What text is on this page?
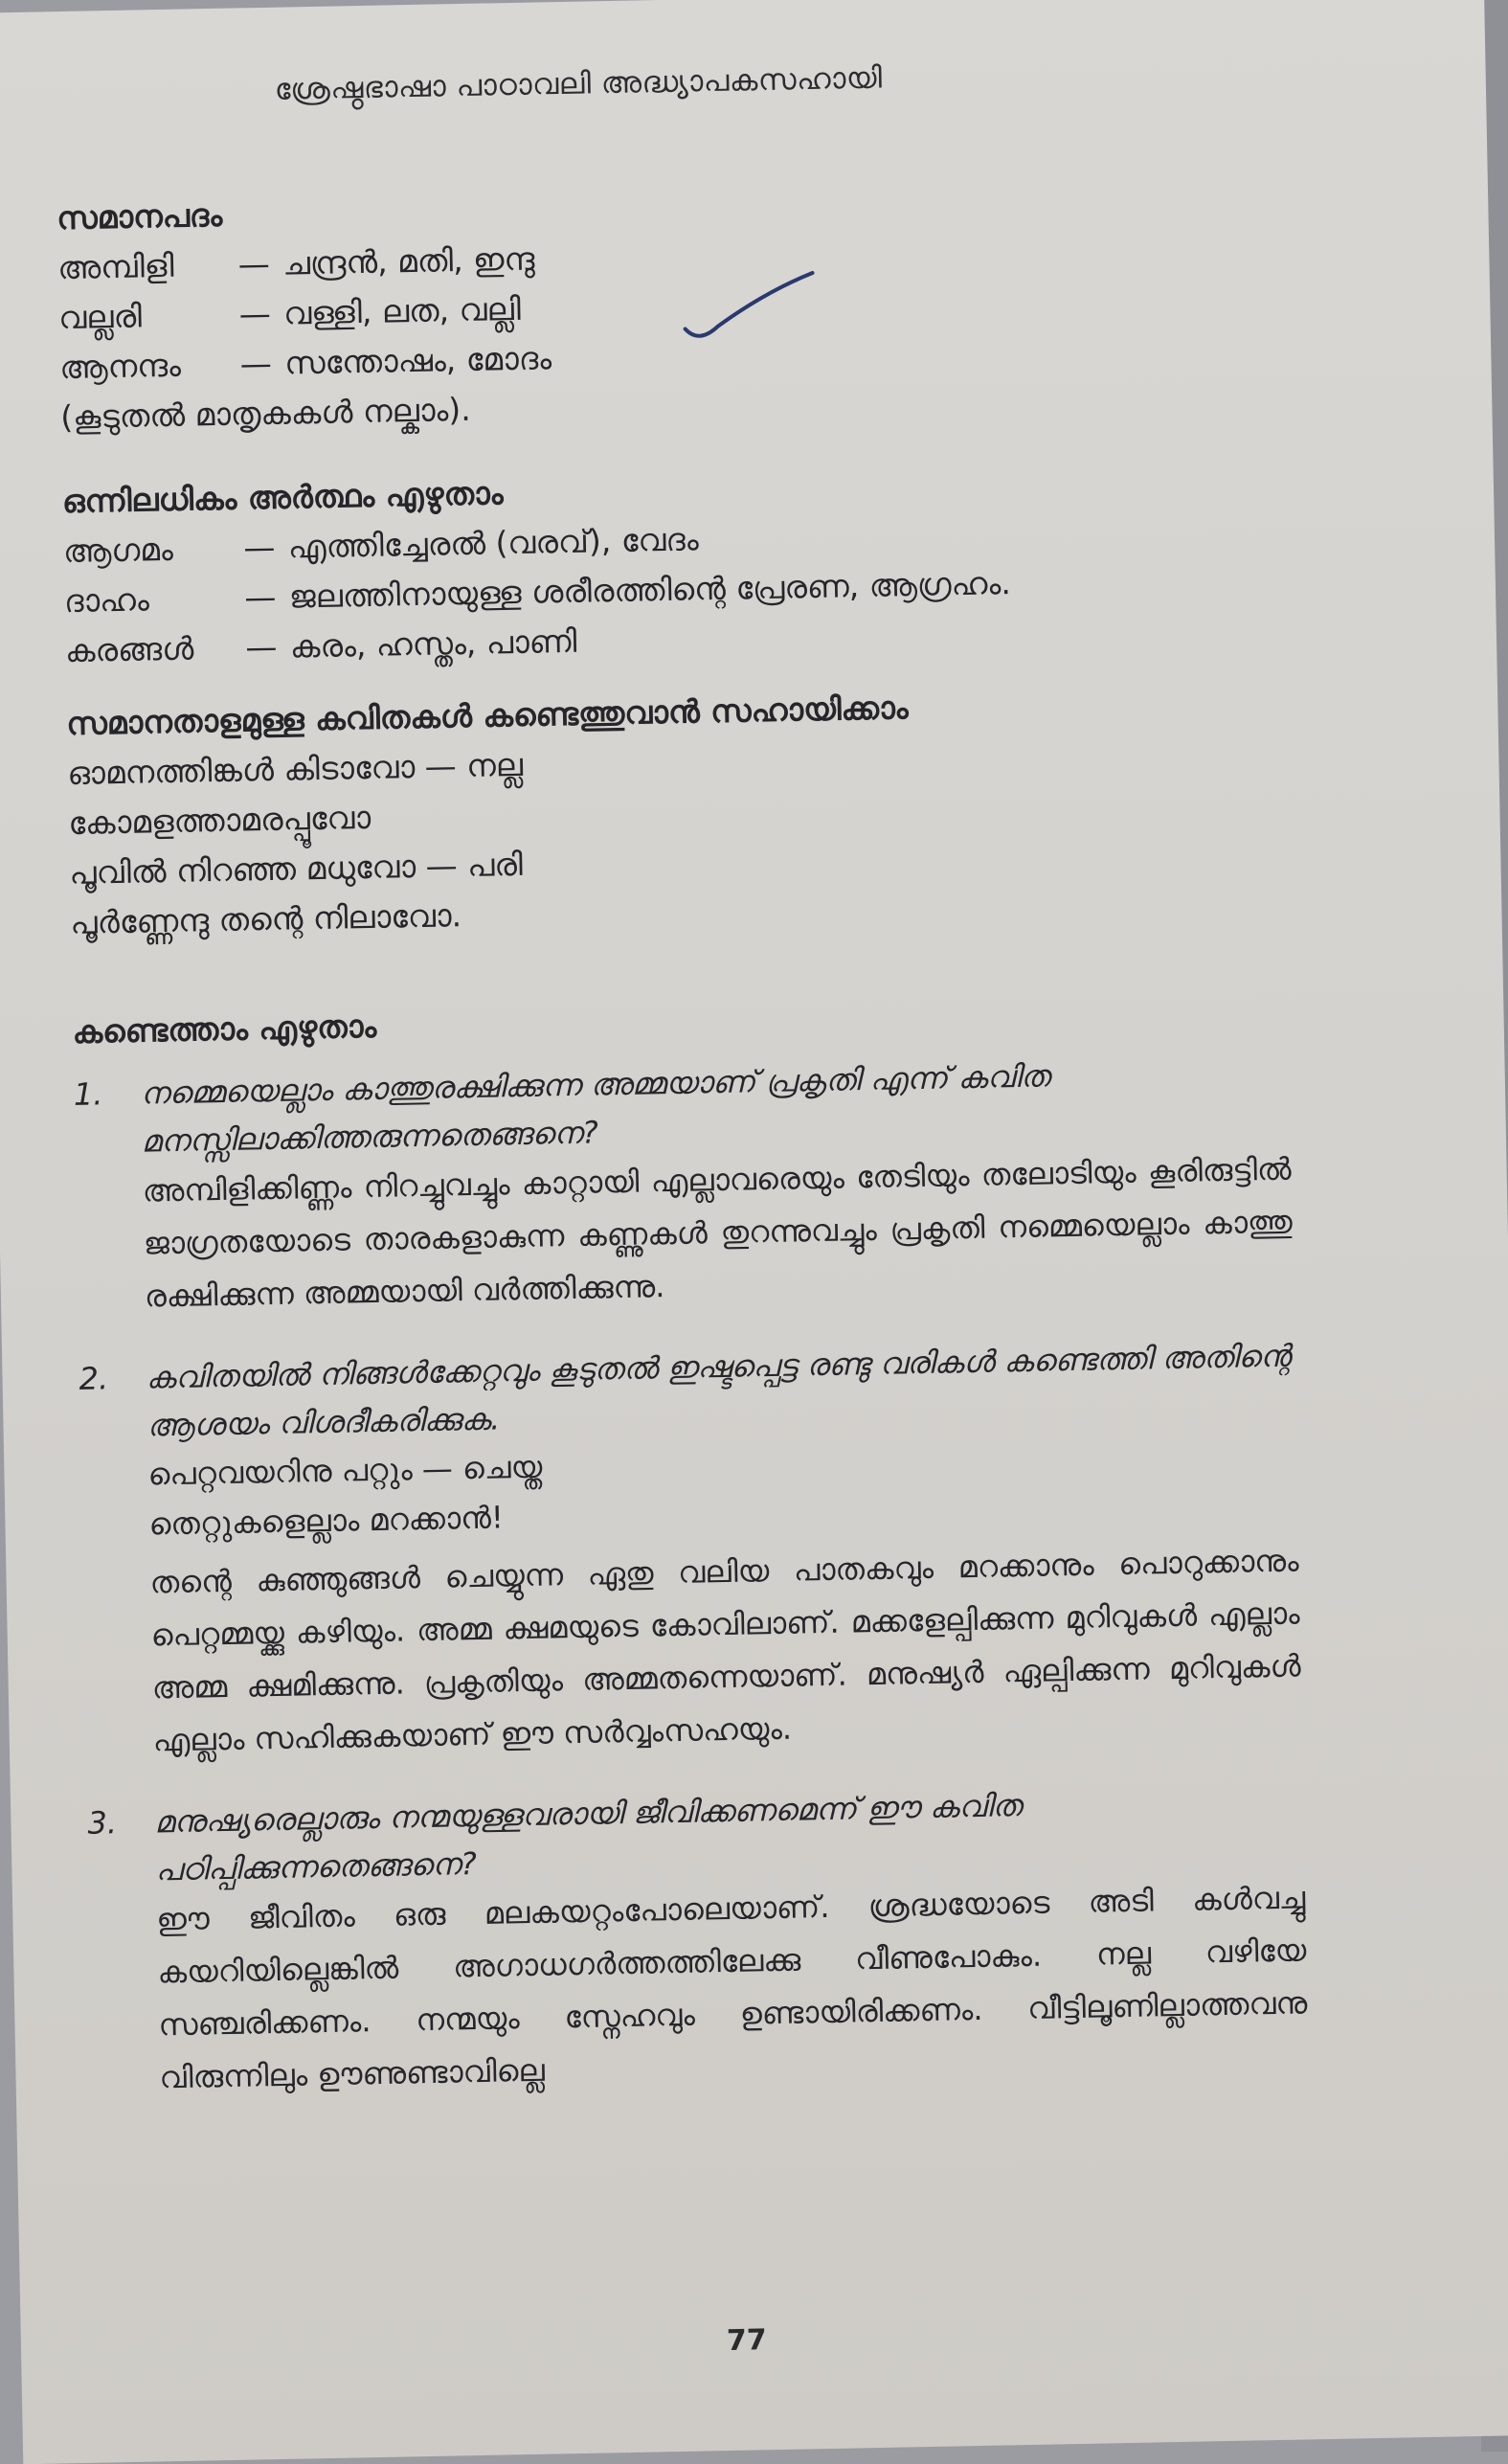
ശ്രേഷ്ഠഭാഷാ പാഠാവലി അദ്ധ്യാപകസഹായി

സമാനപദം

അമ്പിളി	— ചന്ദ്രൻ, മതി, ഇന്ദു
വല്ലരി	— വള്ളി, ലത, വല്ലി
ആനന്ദം	— സന്തോഷം, മോദം

(കൂടുതൽ മാതൃകകൾ നല്കാം).

ഒന്നിലധികം അർത്ഥം എഴുതാം

ആഗമം	— എത്തിച്ചേരൽ (വരവ്), വേദം
ദാഹം	— ജലത്തിനായുള്ള ശരീരത്തിന്റെ പ്രേരണ, ആഗ്രഹം.
കരങ്ങൾ	— കരം, ഹസ്തം, പാണി

സമാനതാളമുള്ള കവിതകൾ കണ്ടെത്തുവാൻ സഹായിക്കാം

ഓമനത്തിങ്കൾ കിടാവോ — നല്ല

കോമളത്താമരപ്പൂവോ

പൂവിൽ നിറഞ്ഞ മധുവോ — പരി

പൂർണ്ണേന്ദു തന്റെ നിലാവോ.

കണ്ടെത്താം എഴുതാം

1.	നമ്മെയെല്ലാം കാത്തുരക്ഷിക്കുന്ന അമ്മയാണ് പ്രകൃതി എന്ന് കവിത മനസ്സിലാക്കിത്തരുന്നതെങ്ങനെ?

അമ്പിളിക്കിണ്ണം നിറച്ചുവച്ചും കാറ്റായി എല്ലാവരെയും തേടിയും തലോടിയും കൂരിരുട്ടിൽ ജാഗ്രതയോടെ താരകളാകുന്ന കണ്ണുകൾ തുറന്നുവച്ചും പ്രകൃതി നമ്മെയെല്ലാം കാത്തു രക്ഷിക്കുന്ന അമ്മയായി വർത്തിക്കുന്നു.

2.	കവിതയിൽ നിങ്ങൾക്കേറ്റവും കൂടുതൽ ഇഷ്ടപ്പെട്ട രണ്ടു വരികൾ കണ്ടെത്തി അതിന്റെ ആശയം വിശദീകരിക്കുക.

പെറ്റവയറിനു പറ്റും — ചെയ്ത

തെറ്റുകളെല്ലാം മറക്കാൻ!

തന്റെ കുഞ്ഞുങ്ങൾ ചെയ്യുന്ന ഏതു വലിയ പാതകവും മറക്കാനും പൊറുക്കാനും പെറ്റമ്മയ്ക്കു കഴിയും. അമ്മ ക്ഷമയുടെ കോവിലാണ്. മക്കളേല്പിക്കുന്ന മുറിവുകൾ എല്ലാം അമ്മ ക്ഷമിക്കുന്നു. പ്രകൃതിയും അമ്മതന്നെയാണ്. മനുഷ്യർ ഏല്പിക്കുന്ന മുറിവുകൾ എല്ലാം സഹിക്കുകയാണ് ഈ സർവ്വംസഹയും.

3.	മനുഷ്യരെല്ലാരും നന്മയുള്ളവരായി ജീവിക്കണമെന്ന് ഈ കവിത പഠിപ്പിക്കുന്നതെങ്ങനെ?

ഈ ജീവിതം ഒരു മലകയറ്റംപോലെയാണ്. ശ്രദ്ധയോടെ അടി കൾവച്ചു കയറിയില്ലെങ്കിൽ അഗാധഗർത്തത്തിലേക്കു വീണുപോകും. നല്ല വഴിയേ സഞ്ചരിക്കണം. നന്മയും സ്നേഹവും ഉണ്ടായിരിക്കണം. വീട്ടിലൂണില്ലാത്തവനു വിരുന്നിലും ഊണുണ്ടാവില്ലെ

77
